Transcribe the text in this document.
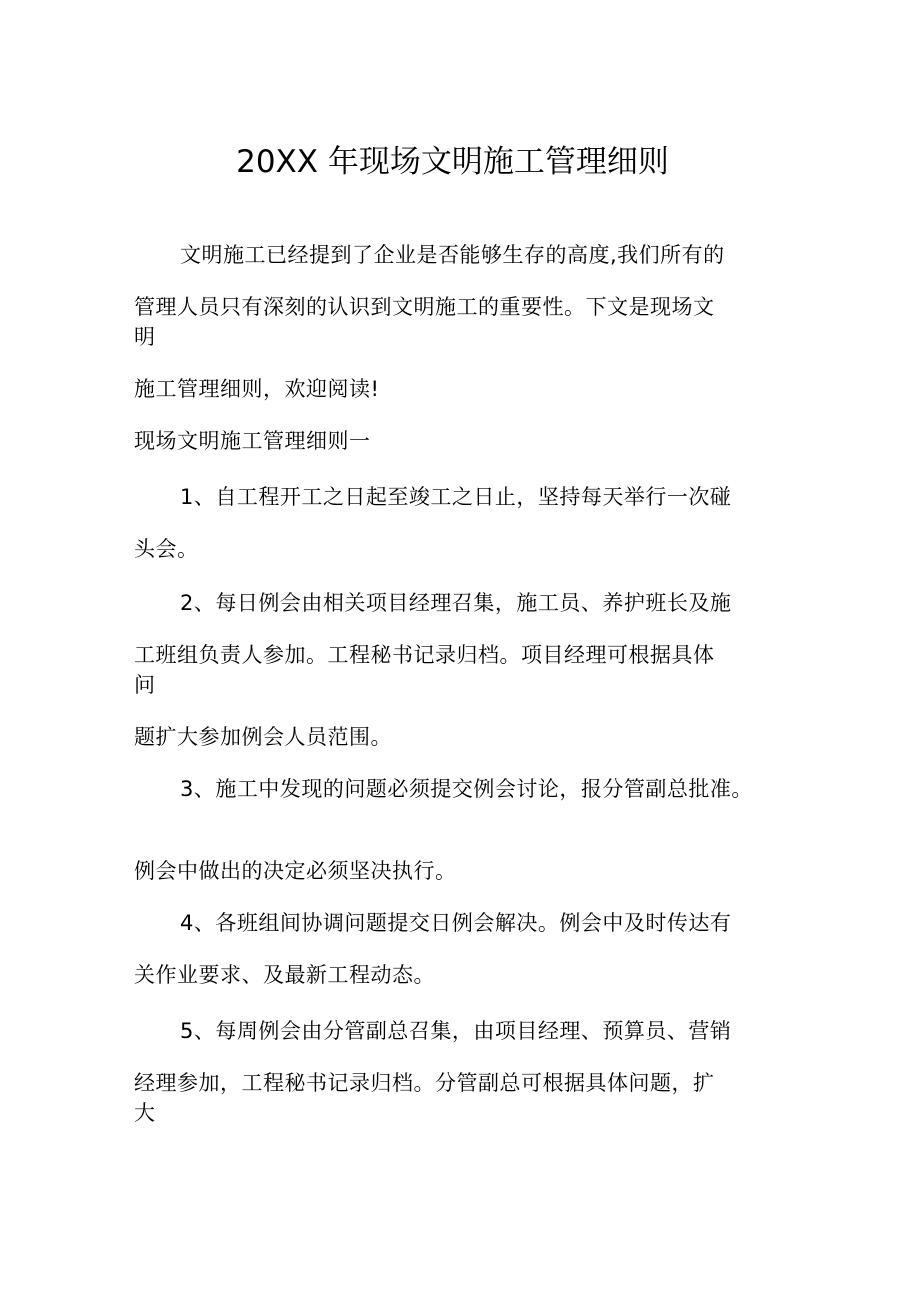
20XX 年现场文明施工管理细则
文明施工已经提到了企业是否能够生存的高度,我们所有的
管理人员只有深刻的认识到文明施工的重要性。下文是现场文
明
施工管理细则，欢迎阅读!
现场文明施工管理细则一
1、自工程开工之日起至竣工之日止，坚持每天举行一次碰
头会。
2、每日例会由相关项目经理召集，施工员、养护班长及施
工班组负责人参加。工程秘书记录归档。项目经理可根据具体
问
题扩大参加例会人员范围。
3、施工中发现的问题必须提交例会讨论，报分管副总批准。
例会中做出的决定必须坚决执行。
4、各班组间协调问题提交日例会解决。例会中及时传达有
关作业要求、及最新工程动态。
5、每周例会由分管副总召集，由项目经理、预算员、营销
经理参加，工程秘书记录归档。分管副总可根据具体问题，扩
大
